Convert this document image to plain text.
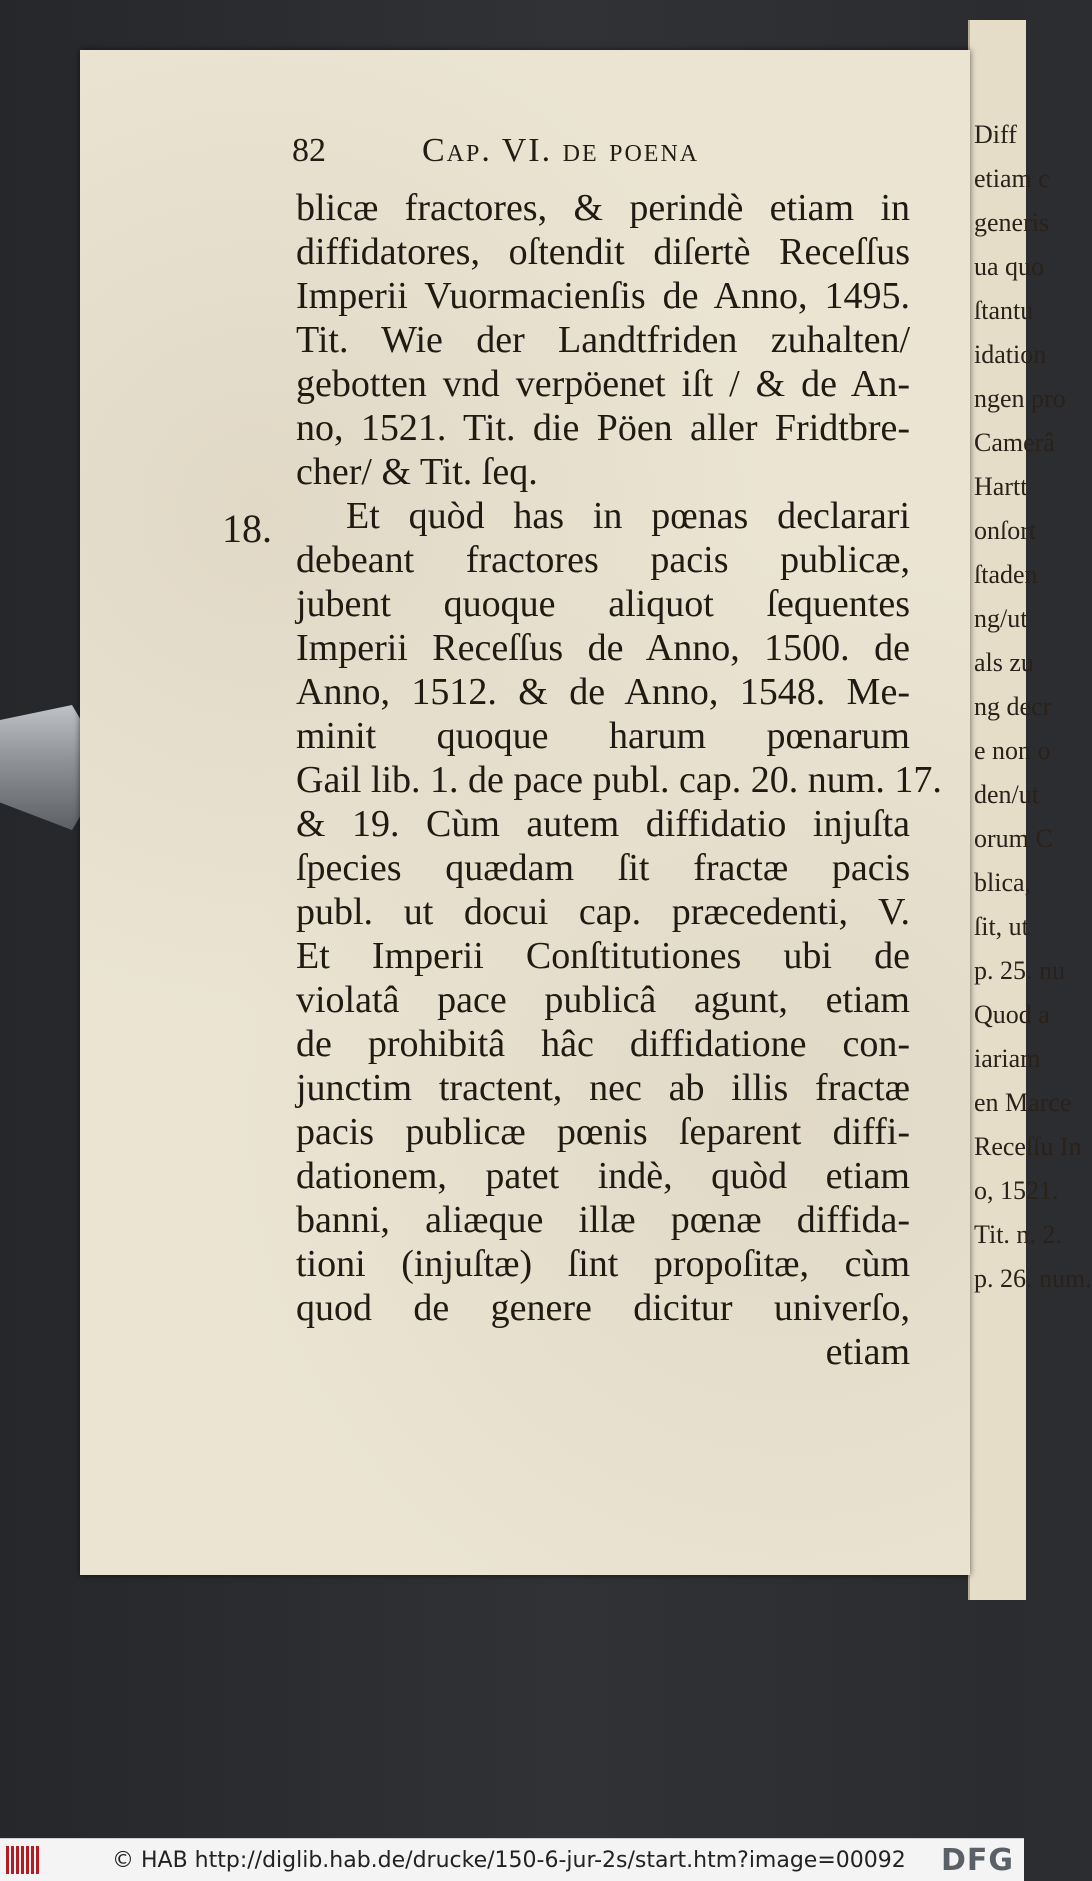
Diff
etiam c
generis
ua quo
ſtantu
idation
ngen pro
Camerâ
Hartt
onſort
ſtaden
ng/ut
als zu
ng decr
e non o
den/ut
orum C
blica,
ſit, ut
p. 25. nu
Quod a
iariam
en Marce
Receſſu In
o, 1521.
Tit. n. 2.
p. 26. num.
82	Cap. VI. de poena
18.
blicæ fractores, & perindè etiam in
diffidatores, oſtendit diſertè Receſſus
Imperii Vuormacienſis de Anno, 1495.
Tit. Wie der Landtfriden zuhalten/
gebotten vnd verpöenet iſt / & de An-
no, 1521. Tit. die Pöen aller Fridtbre-
cher/ & Tit. ſeq.
Et quòd has in pœnas declarari
debeant fractores pacis publicæ,
jubent quoque aliquot ſequentes
Imperii Receſſus de Anno, 1500. de
Anno, 1512. & de Anno, 1548. Me-
minit quoque harum pœnarum
Gail lib. 1. de pace publ. cap. 20. num. 17.
& 19. Cùm autem diffidatio injuſta
ſpecies quædam ſit fractæ pacis
publ. ut docui cap. præcedenti, V.
Et Imperii Conſtitutiones ubi de
violatâ pace publicâ agunt, etiam
de prohibitâ hâc diffidatione con-
junctim tractent, nec ab illis fractæ
pacis publicæ pœnis ſeparent diffi-
dationem, patet indè, quòd etiam
banni, aliæque illæ pœnæ diffida-
tioni (injuſtæ) ſint propoſitæ, cùm
quod de genere dicitur univerſo,
etiam
© HAB http://diglib.hab.de/drucke/150-6-jur-2s/start.htm?image=00092 DFG
